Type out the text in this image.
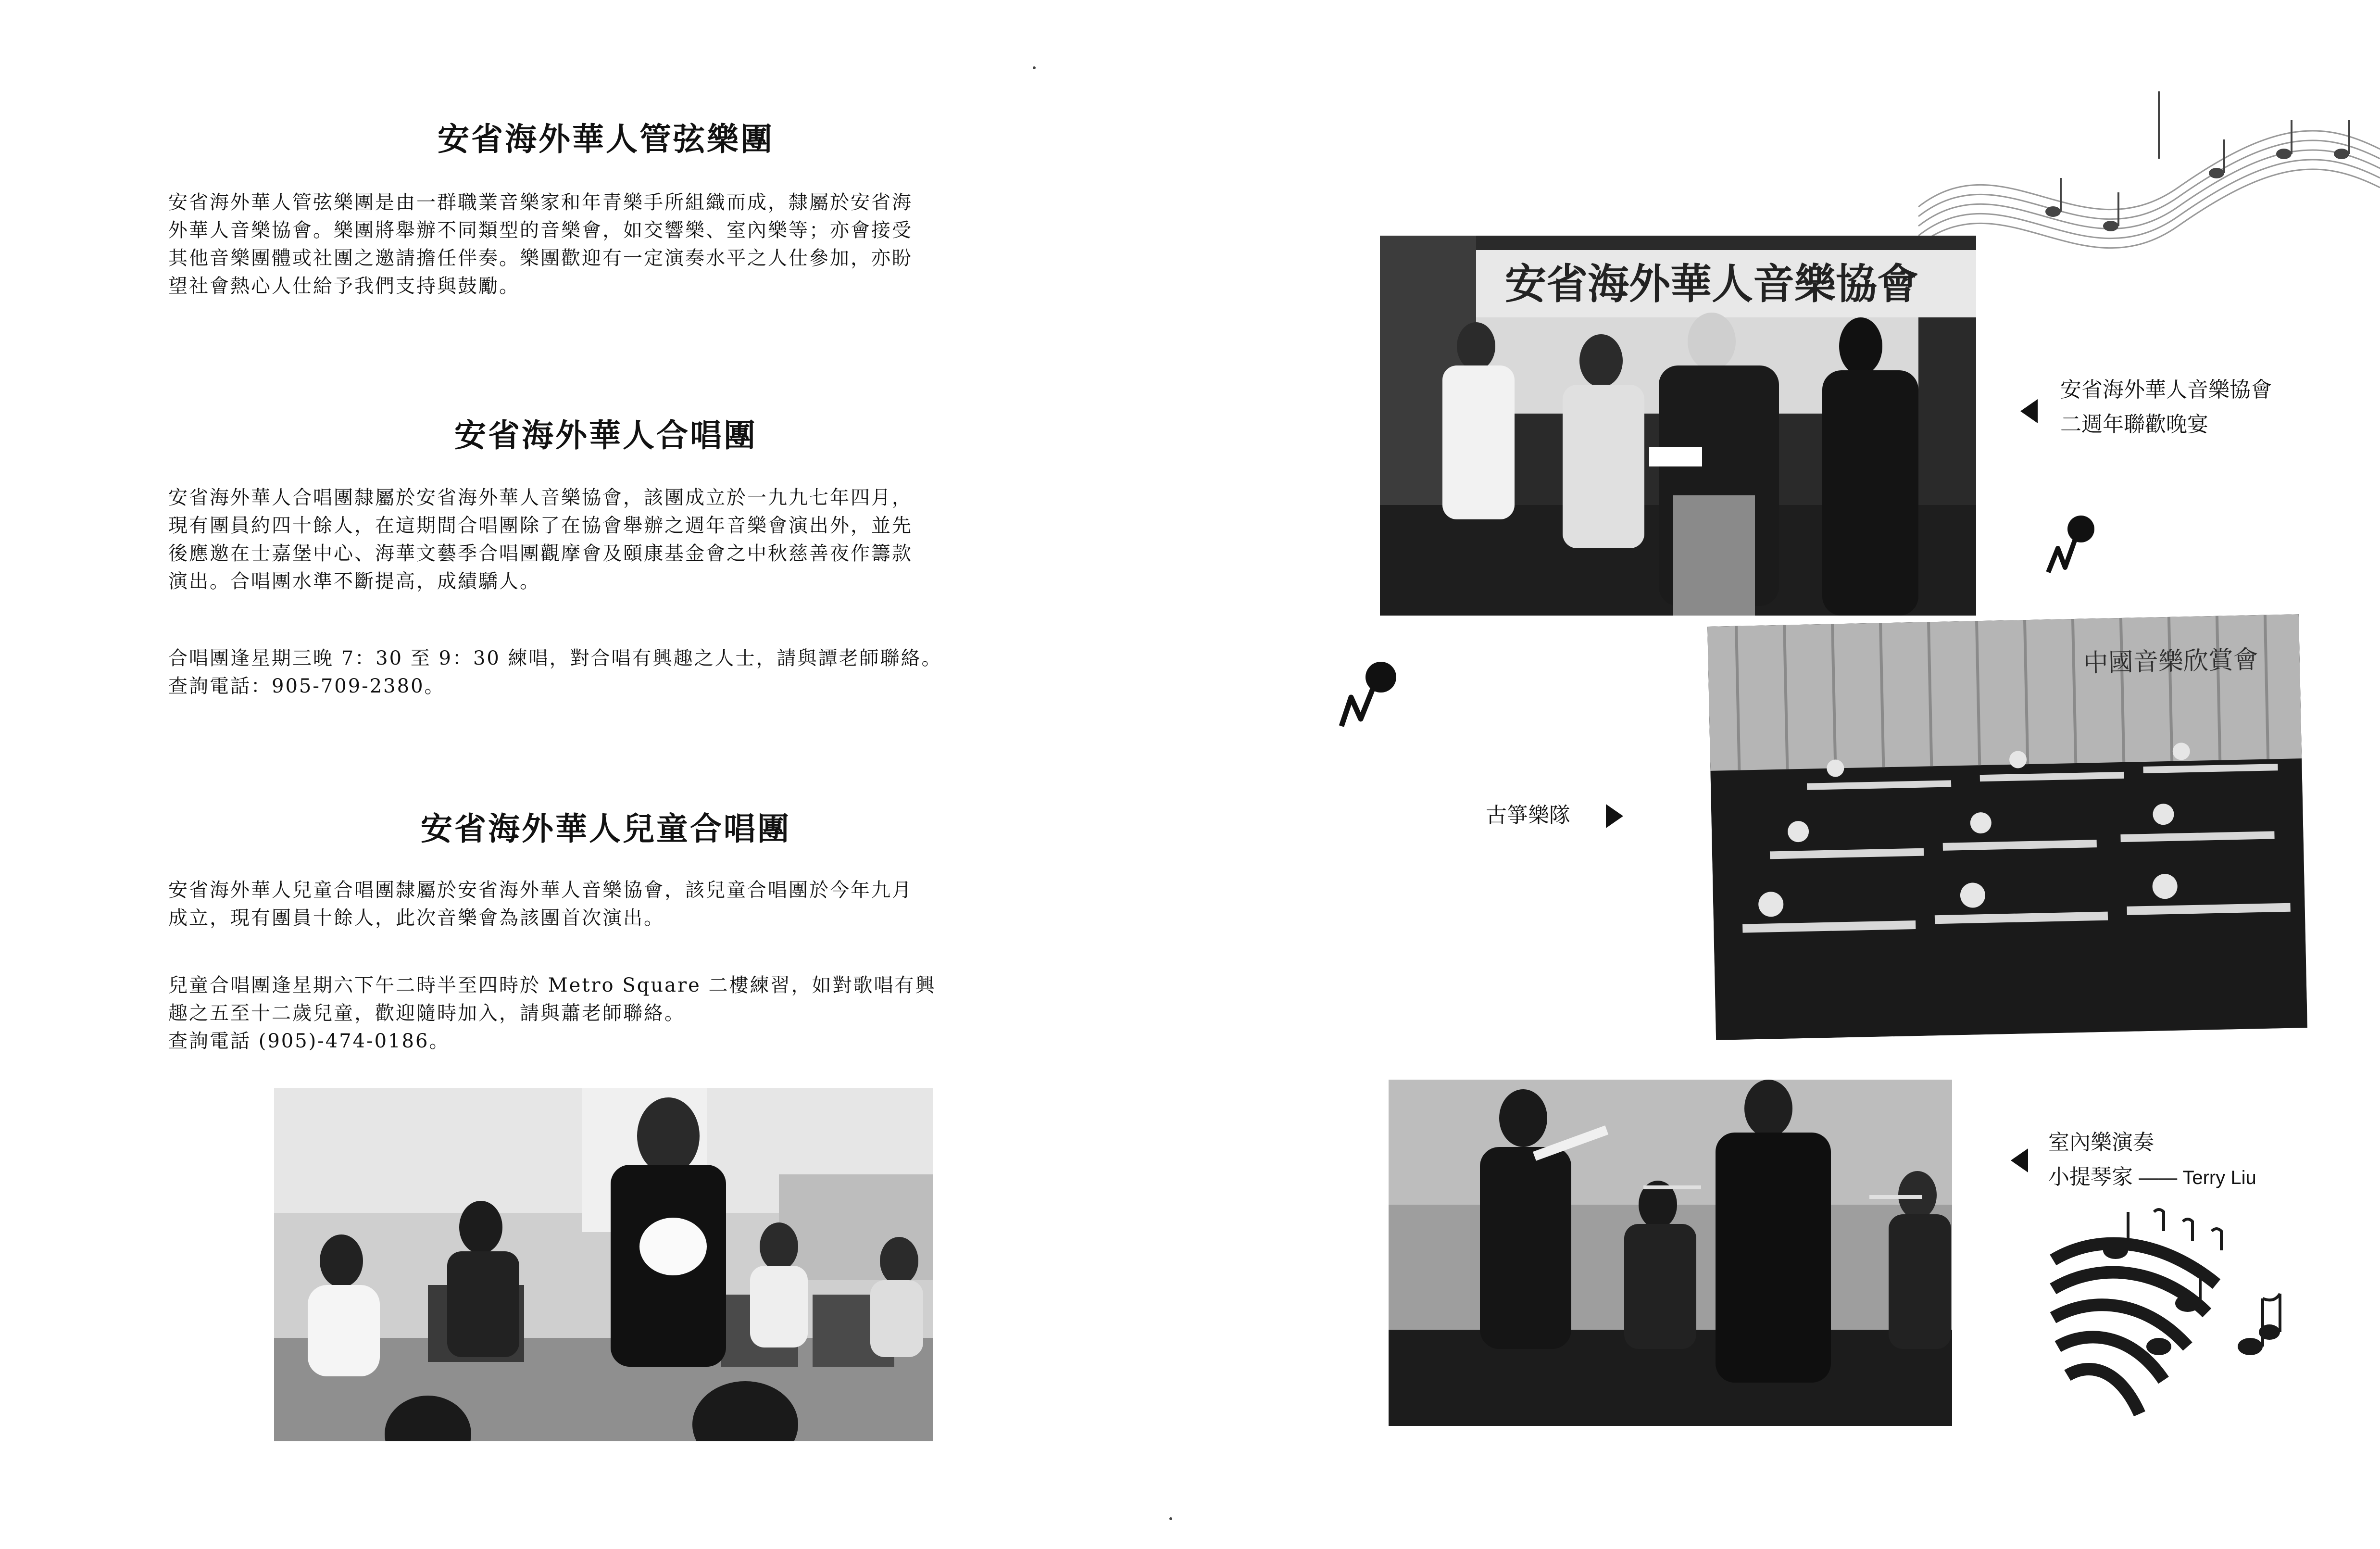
安省海外華人管弦樂團
安省海外華人管弦樂團是由一群職業音樂家和年青樂手所組織而成，隸屬於安省海
外華人音樂協會。樂團將舉辦不同類型的音樂會，如交響樂、室內樂等；亦會接受
其他音樂團體或社團之邀請擔任伴奏。樂團歡迎有一定演奏水平之人仕參加，亦盼
望社會熱心人仕給予我們支持與鼓勵。
安省海外華人合唱團
安省海外華人合唱團隸屬於安省海外華人音樂協會，該團成立於一九九七年四月，
現有團員約四十餘人，在這期間合唱團除了在協會舉辦之週年音樂會演出外，並先
後應邀在士嘉堡中心、海華文藝季合唱團觀摩會及頤康基金會之中秋慈善夜作籌款
演出。合唱團水準不斷提高，成績驕人。
合唱團逢星期三晚 7：30 至 9：30 練唱，對合唱有興趣之人士，請與譚老師聯絡。
查詢電話：905-709-2380。
安省海外華人兒童合唱團
安省海外華人兒童合唱團隸屬於安省海外華人音樂協會，該兒童合唱團於今年九月
成立，現有團員十餘人，此次音樂會為該團首次演出。
兒童合唱團逢星期六下午二時半至四時於 Metro Square 二樓練習，如對歌唱有興
趣之五至十二歲兒童，歡迎隨時加入，請與蕭老師聯絡。
查詢電話 (905)-474-0186。
安省海外華人音樂協會
安省海外華人音樂協會
二週年聯歡晚宴
中國音樂欣賞會
古箏樂隊
室內樂演奏
小提琴家 —— Terry Liu
